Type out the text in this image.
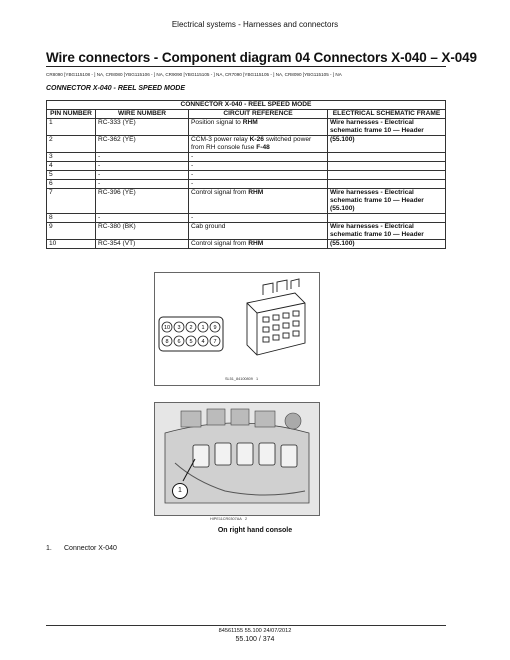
Electrical systems - Harnesses and connectors
Wire connectors - Component diagram 04 Connectors X-040 – X-049
CR8090 [YBG115108 - ] NA, CR8080 [YBG115106 - ] NA, CR9090 [YBG115105 - ] NA, CR7090 [YBG115105 - ] NA, CR8090 [YBG115105 - ] NA
CONNECTOR X-040 - REEL SPEED MODE
CONNECTOR X-040 - REEL SPEED MODE			
PIN NUMBER	WIRE NUMBER	CIRCUIT REFERENCE	ELECTRICAL SCHEMATIC FRAME
1	RC-333 (YE)	Position signal to RHM	Wire harnesses - Electrical schematic frame 10 — Header
2	RC-362 (YE)	CCM-3 power relay K-26 switched power from RH console fuse F-48	(55.100)
3	-	-	
4	-	-	
5	-	-	
6	-	-	
7	RC-396 (YE)	Control signal from RHM	Wire harnesses - Electrical schematic frame 10 — Header (55.100)
8	-	-	
9	RC-380 (BK)	Cab ground	Wire harnesses - Electrical schematic frame 10 — Header
10	RC-354 (VT)	Control signal from RHM	(55.100)
10 3 2 1 9
8 6 5 4 7
SL51_84100809 1
1
HIPE11CR0307AA 2
On right hand console
1. Connector X-040
84561155 55.100 24/07/2012
55.100 / 374
